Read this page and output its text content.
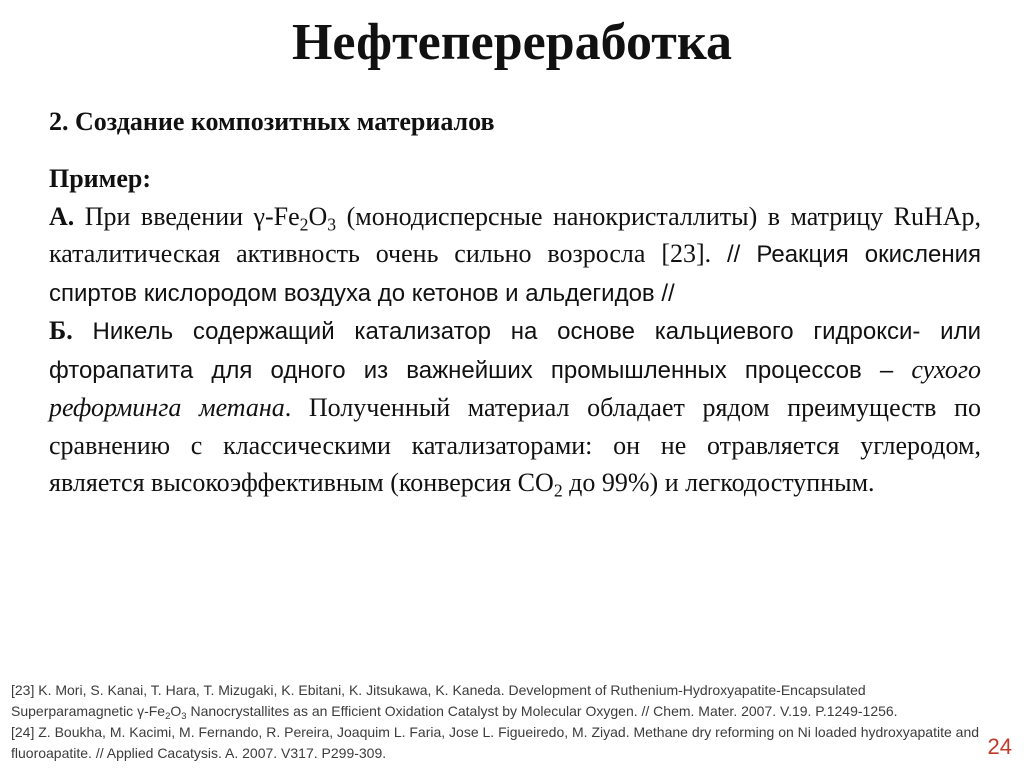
Нефтепереработка
2. Создание композитных материалов

Пример:

А. При введении $\gamma-Fe_2O_3$ (монодисперсные нанокристаллиты) в матрицу RuHAp, каталитическая активность очень сильно возросла [23]. // Реакция окисления спиртов кислородом воздуха до кетонов и альдегидов //

Б. Никель содержащий катализатор на основе кальциевого гидрокси- или фторапатита для одного из важнейших промышленных процессов – сухого реформинга метана. Полученный материал обладает рядом преимуществ по сравнению с классическими катализаторами: он не отравляется углеродом, является высокоэффективным (конверсия $CO_2$ до 99%) и легкодоступным.

[23] K. Mori, S. Kanai, T. Hara, T. Mizugaki, K. Ebitani, K. Jitsukawa, K. Kaneda. Development of Ruthenium-Hydroxyapatite-Encapsulated Superparamagnetic $\gamma-Fe_2O_3$ Nanocrystallites as an Efficient Oxidation Catalyst by Molecular Oxygen. // Chem. Mater. 2007. V.19. P.1249-1256.

[24] Z. Boukha, M. Kacimi, M. Fernando, R. Pereira, Joaquim L. Faria, Jose L. Figueiredo, M. Ziyad. Methane dry reforming on Ni loaded hydroxyapatite and fluoroapatite. // Applied Cacatysis. A. 2007. V317. P299-309.	24
